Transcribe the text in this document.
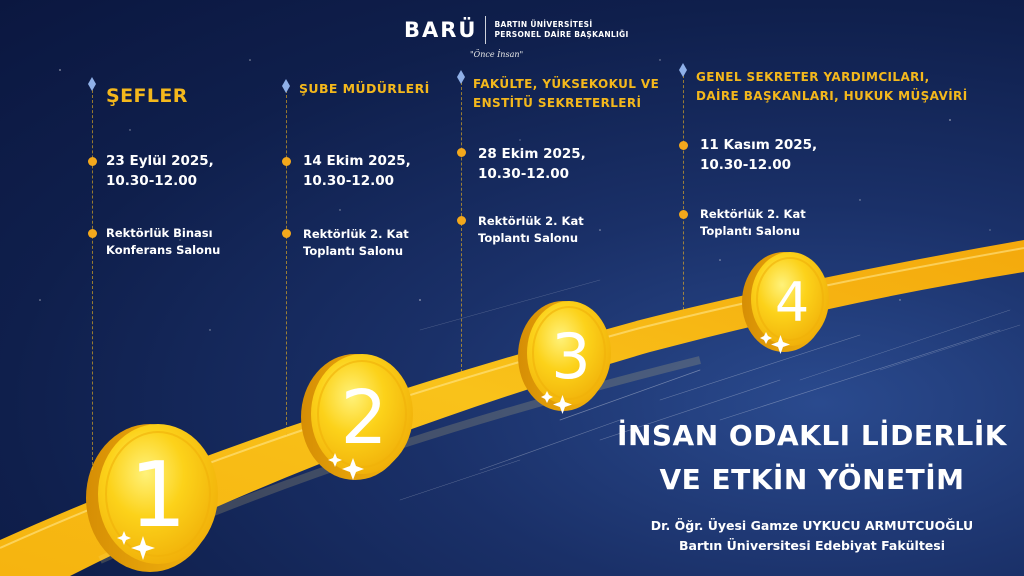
1
2
3
4
BARÜ BARTIN ÜNİVERSİTESİ
PERSONEL DAİRE BAŞKANLIĞI
"Önce İnsan"
ŞEFLER
23 Eylül 2025,
10.30-12.00
Rektörlük Binası
Konferans Salonu
ŞUBE MÜDÜRLERİ
14 Ekim 2025,
10.30-12.00
Rektörlük 2. Kat
Toplantı Salonu
FAKÜLTE, YÜKSEKOKUL VE
ENSTİTÜ SEKRETERLERİ
28 Ekim 2025,
10.30-12.00
Rektörlük 2. Kat
Toplantı Salonu
GENEL SEKRETER YARDIMCILARI,
DAİRE BAŞKANLARI, HUKUK MÜŞAVİRİ
11 Kasım 2025,
10.30-12.00
Rektörlük 2. Kat
Toplantı Salonu
İNSAN ODAKLI LİDERLİK
VE ETKİN YÖNETİM
Dr. Öğr. Üyesi Gamze UYKUCU ARMUTCUOĞLU
Bartın Üniversitesi Edebiyat Fakültesi
